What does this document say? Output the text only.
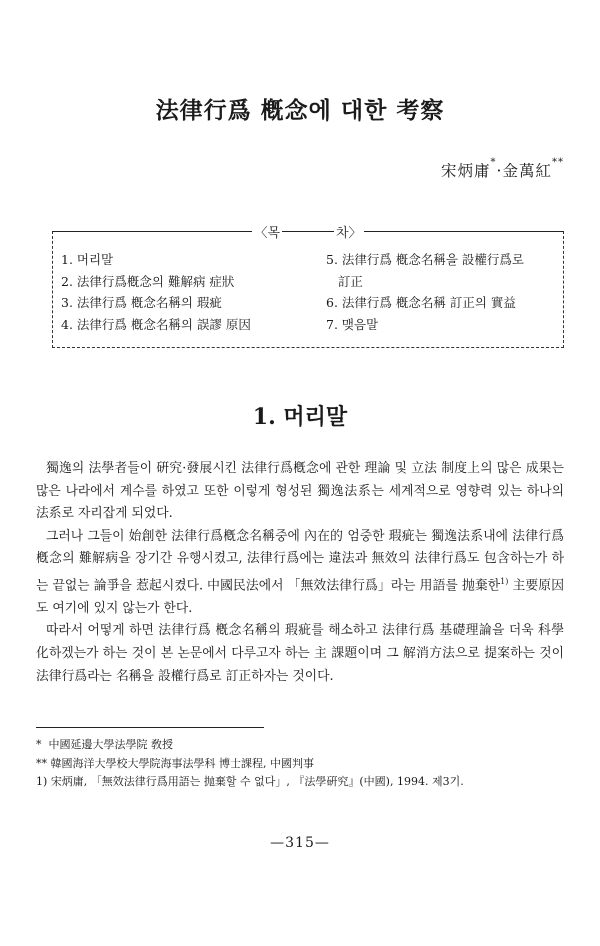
法律行爲 槪念에 대한 考察
宋炳庸*·金萬紅**
〈목	차〉
1. 머리말
2. 法律行爲槪念의 難解病 症狀
3. 法律行爲 槪念名稱의 瑕疵
4. 法律行爲 槪念名稱의 誤謬 原因
5. 法律行爲 槪念名稱을 設權行爲로
訂正
6. 法律行爲 槪念名稱 訂正의 實益
7. 맺음말
1. 머리말

獨逸의 法學者들이 硏究·發展시킨 法律行爲槪念에 관한 理論 및 立法 制度上의 많은 成果는 많은 나라에서 계수를 하였고 또한 이렇게 형성된 獨逸法系는 세계적으로 영향력 있는 하나의 法系로 자리잡게 되었다.

그러나 그들이 始創한 法律行爲槪念名稱중에 內在的 엄중한 瑕疵는 獨逸法系내에 法律行爲槪念의 難解病을 장기간 유행시켰고, 法律行爲에는 違法과 無效의 法律行爲도 包含하는가 하는 끝없는 論爭을 惹起시켰다. 中國民法에서 「無效法律行爲」라는 用語를 抛棄한$^{1)}$ 主要原因도 여기에 있지 않는가 한다.

따라서 어떻게 하면 法律行爲 槪念名稱의 瑕疵를 해소하고 法律行爲 基礎理論을 더욱 科學化하겠는가 하는 것이 본 논문에서 다루고자 하는 主 課題이며 그 解消方法으로 提案하는 것이 法律行爲라는 名稱을 設權行爲로 訂正하자는 것이다.

*  中國延邊大學法學院 敎授
** 韓國海洋大學校大學院海事法學科 博士課程, 中國判事
1) 宋炳庸, 「無效法律行爲用語는 抛棄할 수 없다」, 『法學硏究』(中國), 1994. 제3기.
—315—
